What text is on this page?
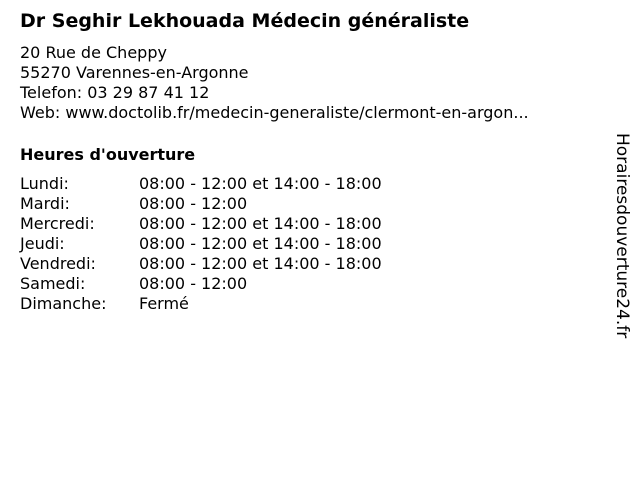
Dr Seghir Lekhouada Médecin généraliste
20 Rue de Cheppy
55270 Varennes-en-Argonne
Telefon: 03 29 87 41 12
Web: www.doctolib.fr/medecin-generaliste/clermont-en-argon...
Heures d'ouverture
Lundi:	08:00 - 12:00 et 14:00 - 18:00
Mardi:	08:00 - 12:00
Mercredi:	08:00 - 12:00 et 14:00 - 18:00
Jeudi:	08:00 - 12:00 et 14:00 - 18:00
Vendredi:	08:00 - 12:00 et 14:00 - 18:00
Samedi:	08:00 - 12:00
Dimanche:	Fermé	Horairesdouverture24.fr
